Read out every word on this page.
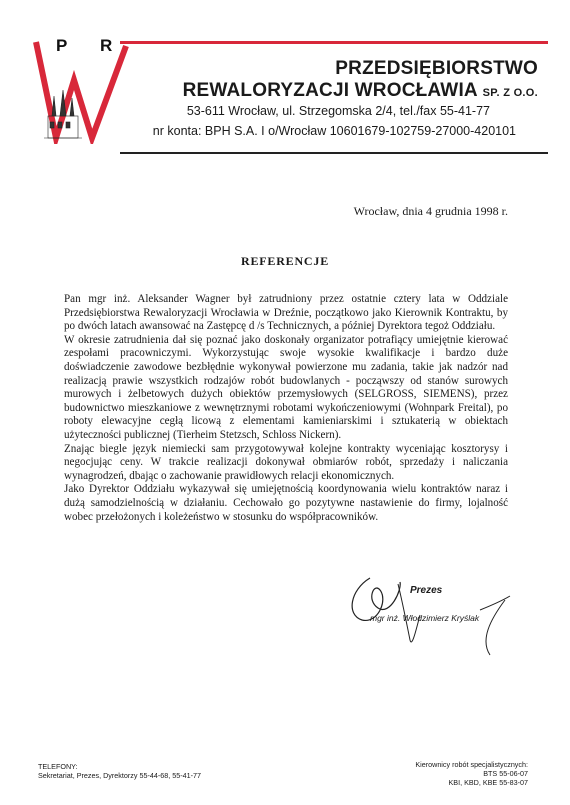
P R
PRZEDSIĘBIORSTWO
REWALORYZACJI WROCŁAWIA SP. Z O.O.
53-611 Wrocław, ul. Strzegomska 2/4, tel./fax 55-41-77
nr konta: BPH S.A. I o/Wrocław 10601679-102759-27000-420101
Wrocław, dnia 4 grudnia 1998 r.
REFERENCJE

Pan mgr inż. Aleksander Wagner był zatrudniony przez ostatnie cztery lata w Oddziale Przedsiębiorstwa Rewaloryzacji Wrocławia w Dreźnie, początkowo jako Kierownik Kontraktu, by po dwóch latach awansować na Zastępcę d /s Technicznych, a później Dyrektora tegoż Oddziału.

W okresie zatrudnienia dał się poznać jako doskonały organizator potrafiący umiejętnie kierować zespołami pracowniczymi. Wykorzystując swoje wysokie kwalifikacje i bardzo duże doświadczenie zawodowe bezbłędnie wykonywał powierzone mu zadania, takie jak nadzór nad realizacją prawie wszystkich rodzajów robót budowlanych - począwszy od stanów surowych murowych i żelbetowych dużych obiektów przemysłowych (SELGROSS, SIEMENS), przez budownictwo mieszkaniowe z wewnętrznymi robotami wykończeniowymi (Wohnpark Freital), po roboty elewacyjne cegłą licową z elementami kamieniarskimi i sztukaterią w obiektach użyteczności publicznej (Tierheim Stetzsch, Schloss Nickern).

Znając biegle język niemiecki sam przygotowywał kolejne kontrakty wyceniając kosztorysy i negocjując ceny. W trakcie realizacji dokonywał obmiarów robót, sprzedaży i naliczania wynagrodzeń, dbając o zachowanie prawidłowych relacji ekonomicznych.

Jako Dyrektor Oddziału wykazywał się umiejętnością koordynowania wielu kontraktów naraz i dużą samodzielnością w działaniu. Cechowało go pozytywne nastawienie do firmy, lojalność wobec przełożonych i koleżeństwo w stosunku do współpracowników.

Prezes
mgr inż. Włodzimierz Kryślak
TELEFONY:
Sekretariat, Prezes, Dyrektorzy 55-44-68, 55-41-77
Kierownicy robót specjalistycznych:
BTS 55-06-07
KBI, KBD, KBE 55-83-07
